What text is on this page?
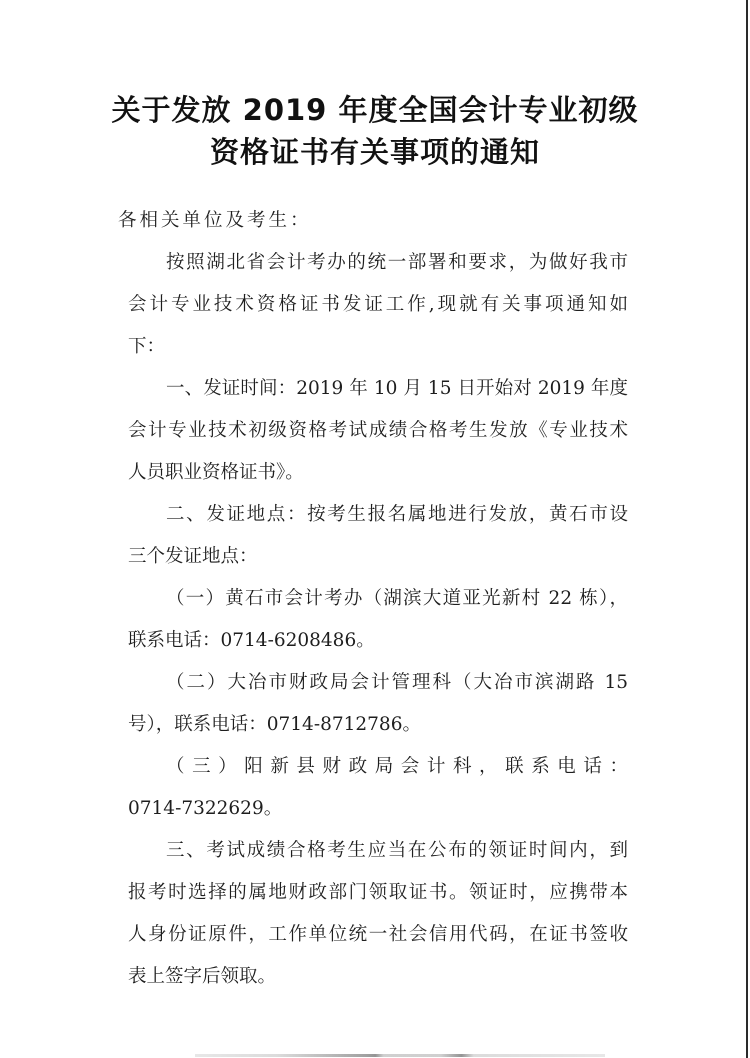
关于发放 2019 年度全国会计专业初级
资格证书有关事项的通知
各相关单位及考生：
按照湖北省会计考办的统一部署和要求，为做好我市
会计专业技术资格证书发证工作,现就有关事项通知如
下：
一、发证时间：2019 年 10 月 15 日开始对 2019 年度
会计专业技术初级资格考试成绩合格考生发放《专业技术
人员职业资格证书》。
二、发证地点：按考生报名属地进行发放，黄石市设
三个发证地点：
（一）黄石市会计考办（湖滨大道亚光新村 22 栋），
联系电话：0714-6208486。
（二）大冶市财政局会计管理科（大冶市滨湖路 15
号），联系电话：0714-8712786。
（三）阳新县财政局会计科，联系电话：
0714-7322629。
三、考试成绩合格考生应当在公布的领证时间内，到
报考时选择的属地财政部门领取证书。领证时，应携带本
人身份证原件，工作单位统一社会信用代码，在证书签收
表上签字后领取。
